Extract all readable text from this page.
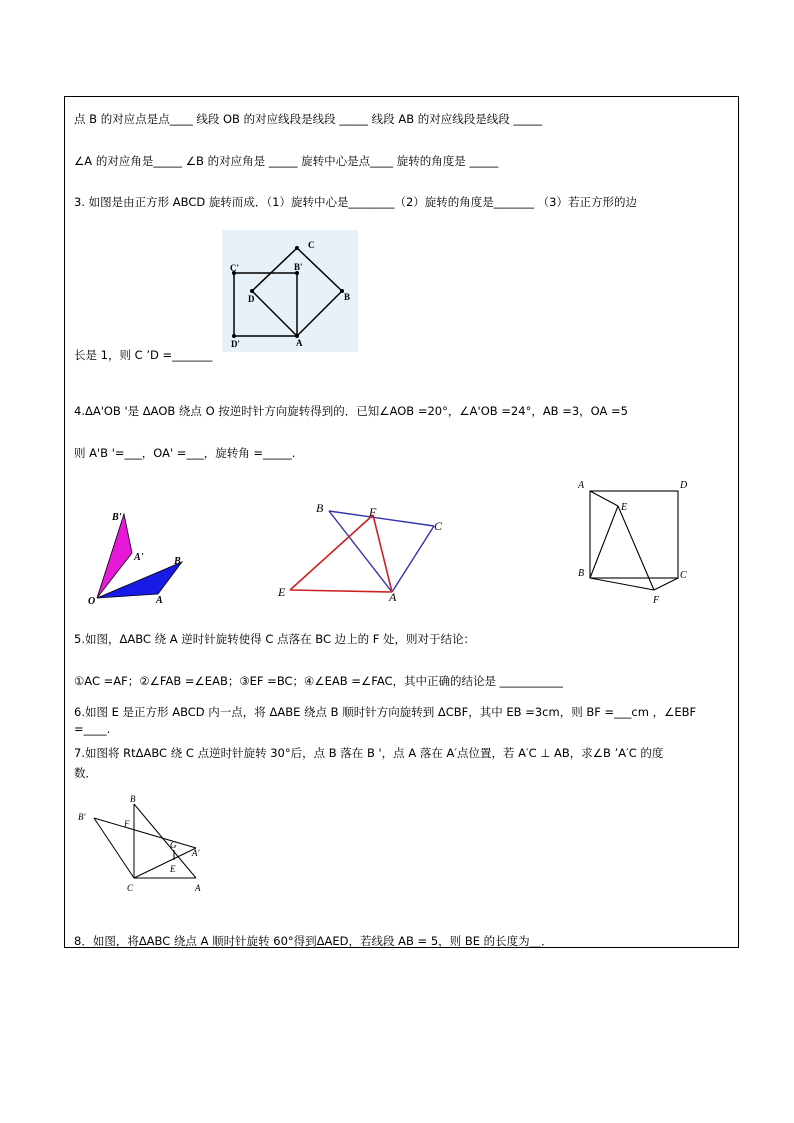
点 B 的对应点是点____ 线段 OB 的对应线段是线段 _____ 线段 AB 的对应线段是线段 _____
∠A 的对应角是_____ ∠B 的对应角是 _____ 旋转中心是点____ 旋转的角度是 _____
3. 如图是由正方形 ABCD 旋转而成．（1）旋转中心是________（2）旋转的角度是_______ （3）若正方形的边
C
C'	B'
D	B
D'	A
长是 1，则 C ’D =_______
4.ΔA'OB '是 ΔAOB 绕点 O 按逆时针方向旋转得到的．已知∠AOB =20°，∠A'OB =24°，AB =3，OA =5
则 A'B '=___，OA' =___，旋转角 =_____.
B'
A'	B
O	A
B	F
C
E	A
A	D
E
B	C
F
5.如图，ΔABC 绕 A 逆时针旋转使得 C 点落在 BC 边上的 F 处，则对于结论：
①AC =AF；②∠FAB =∠EAB；③EF =BC；④∠EAB =∠FAC，其中正确的结论是 ___________
6.如图 E 是正方形 ABCD 内一点，将 ΔABE 绕点 B 顺时针方向旋转到 ΔCBF，其中 EB =3cm，则 BF =___cm ，∠EBF
=____.
7.如图将 RtΔABC 绕 C 点逆时针旋转 30°后，点 B 落在 B '，点 A 落在 A′点位置，若 A′C ⊥ AB，求∠B ’A′C 的度
数．
B
B'
F
G
A'
E
C	A
8．如图，将ΔABC 绕点 A 顺时针旋转 60°得到ΔAED，若线段 AB = 5，则 BE 的长度为__．
